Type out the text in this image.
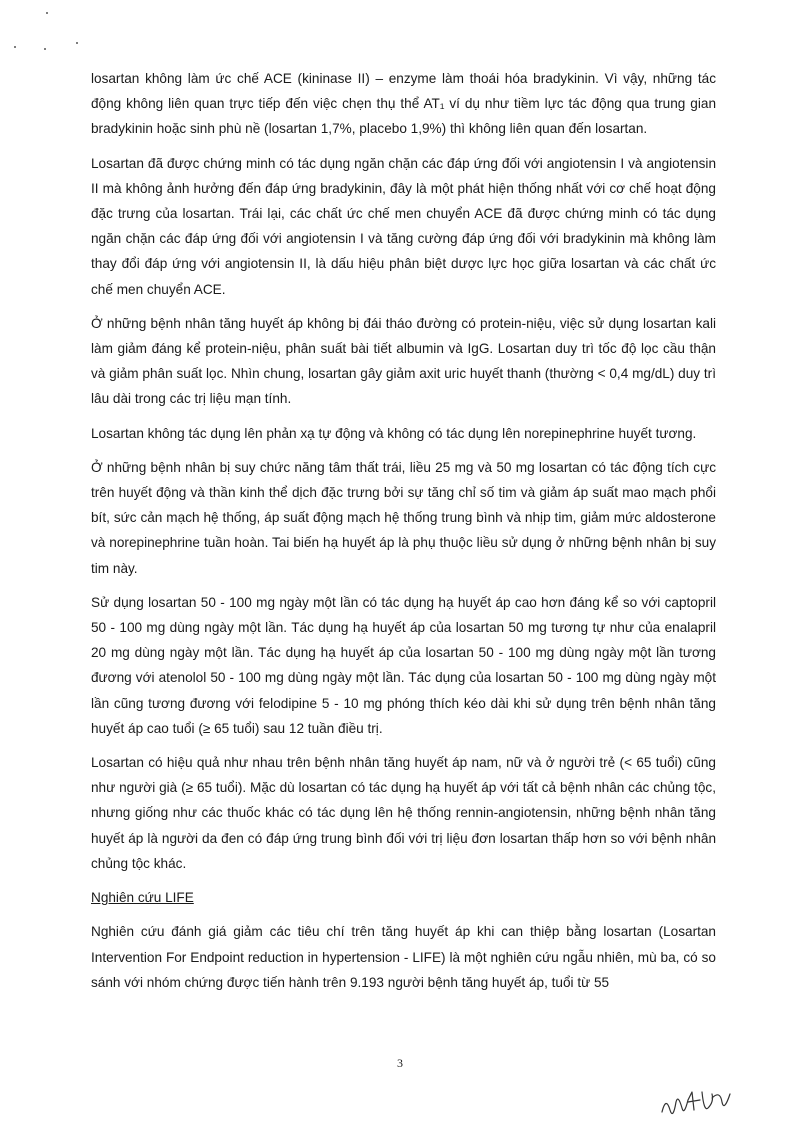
losartan không làm ức chế ACE (kininase II) – enzyme làm thoái hóa bradykinin. Vì vậy, những tác động không liên quan trực tiếp đến việc chẹn thụ thể AT₁ ví dụ như tiềm lực tác động qua trung gian bradykinin hoặc sinh phù nề (losartan 1,7%, placebo 1,9%) thì không liên quan đến losartan.

Losartan đã được chứng minh có tác dụng ngăn chặn các đáp ứng đối với angiotensin I và angiotensin II mà không ảnh hưởng đến đáp ứng bradykinin, đây là một phát hiện thống nhất với cơ chế hoạt động đặc trưng của losartan. Trái lại, các chất ức chế men chuyển ACE đã được chứng minh có tác dụng ngăn chặn các đáp ứng đối với angiotensin I và tăng cường đáp ứng đối với bradykinin mà không làm thay đổi đáp ứng với angiotensin II, là dấu hiệu phân biệt dược lực học giữa losartan và các chất ức chế men chuyển ACE.

Ở những bệnh nhân tăng huyết áp không bị đái tháo đường có protein-niệu, việc sử dụng losartan kali làm giảm đáng kể protein-niệu, phân suất bài tiết albumin và IgG. Losartan duy trì tốc độ lọc cầu thận và giảm phân suất lọc. Nhìn chung, losartan gây giảm axit uric huyết thanh (thường < 0,4 mg/dL) duy trì lâu dài trong các trị liệu mạn tính.

Losartan không tác dụng lên phản xạ tự động và không có tác dụng lên norepinephrine huyết tương.

Ở những bệnh nhân bị suy chức năng tâm thất trái, liều 25 mg và 50 mg losartan có tác động tích cực trên huyết động và thần kinh thể dịch đặc trưng bởi sự tăng chỉ số tim và giảm áp suất mao mạch phổi bít, sức cản mạch hệ thống, áp suất động mạch hệ thống trung bình và nhịp tim, giảm mức aldosterone và norepinephrine tuần hoàn. Tai biến hạ huyết áp là phụ thuộc liều sử dụng ở những bệnh nhân bị suy tim này.

Sử dụng losartan 50 - 100 mg ngày một lần có tác dụng hạ huyết áp cao hơn đáng kể so với captopril 50 - 100 mg dùng ngày một lần. Tác dụng hạ huyết áp của losartan 50 mg tương tự như của enalapril 20 mg dùng ngày một lần. Tác dụng hạ huyết áp của losartan 50 - 100 mg dùng ngày một lần tương đương với atenolol 50 - 100 mg dùng ngày một lần. Tác dụng của losartan 50 - 100 mg dùng ngày một lần cũng tương đương với felodipine 5 - 10 mg phóng thích kéo dài khi sử dụng trên bệnh nhân tăng huyết áp cao tuổi (≥ 65 tuổi) sau 12 tuần điều trị.

Losartan có hiệu quả như nhau trên bệnh nhân tăng huyết áp nam, nữ và ở người trẻ (< 65 tuổi) cũng như người già (≥ 65 tuổi). Mặc dù losartan có tác dụng hạ huyết áp với tất cả bệnh nhân các chủng tộc, nhưng giống như các thuốc khác có tác dụng lên hệ thống rennin-angiotensin, những bệnh nhân tăng huyết áp là người da đen có đáp ứng trung bình đối với trị liệu đơn losartan thấp hơn so với bệnh nhân chủng tộc khác.

Nghiên cứu LIFE

Nghiên cứu đánh giá giảm các tiêu chí trên tăng huyết áp khi can thiệp bằng losartan (Losartan Intervention For Endpoint reduction in hypertension - LIFE) là một nghiên cứu ngẫu nhiên, mù ba, có so sánh với nhóm chứng được tiến hành trên 9.193 người bệnh tăng huyết áp, tuổi từ 55

3
